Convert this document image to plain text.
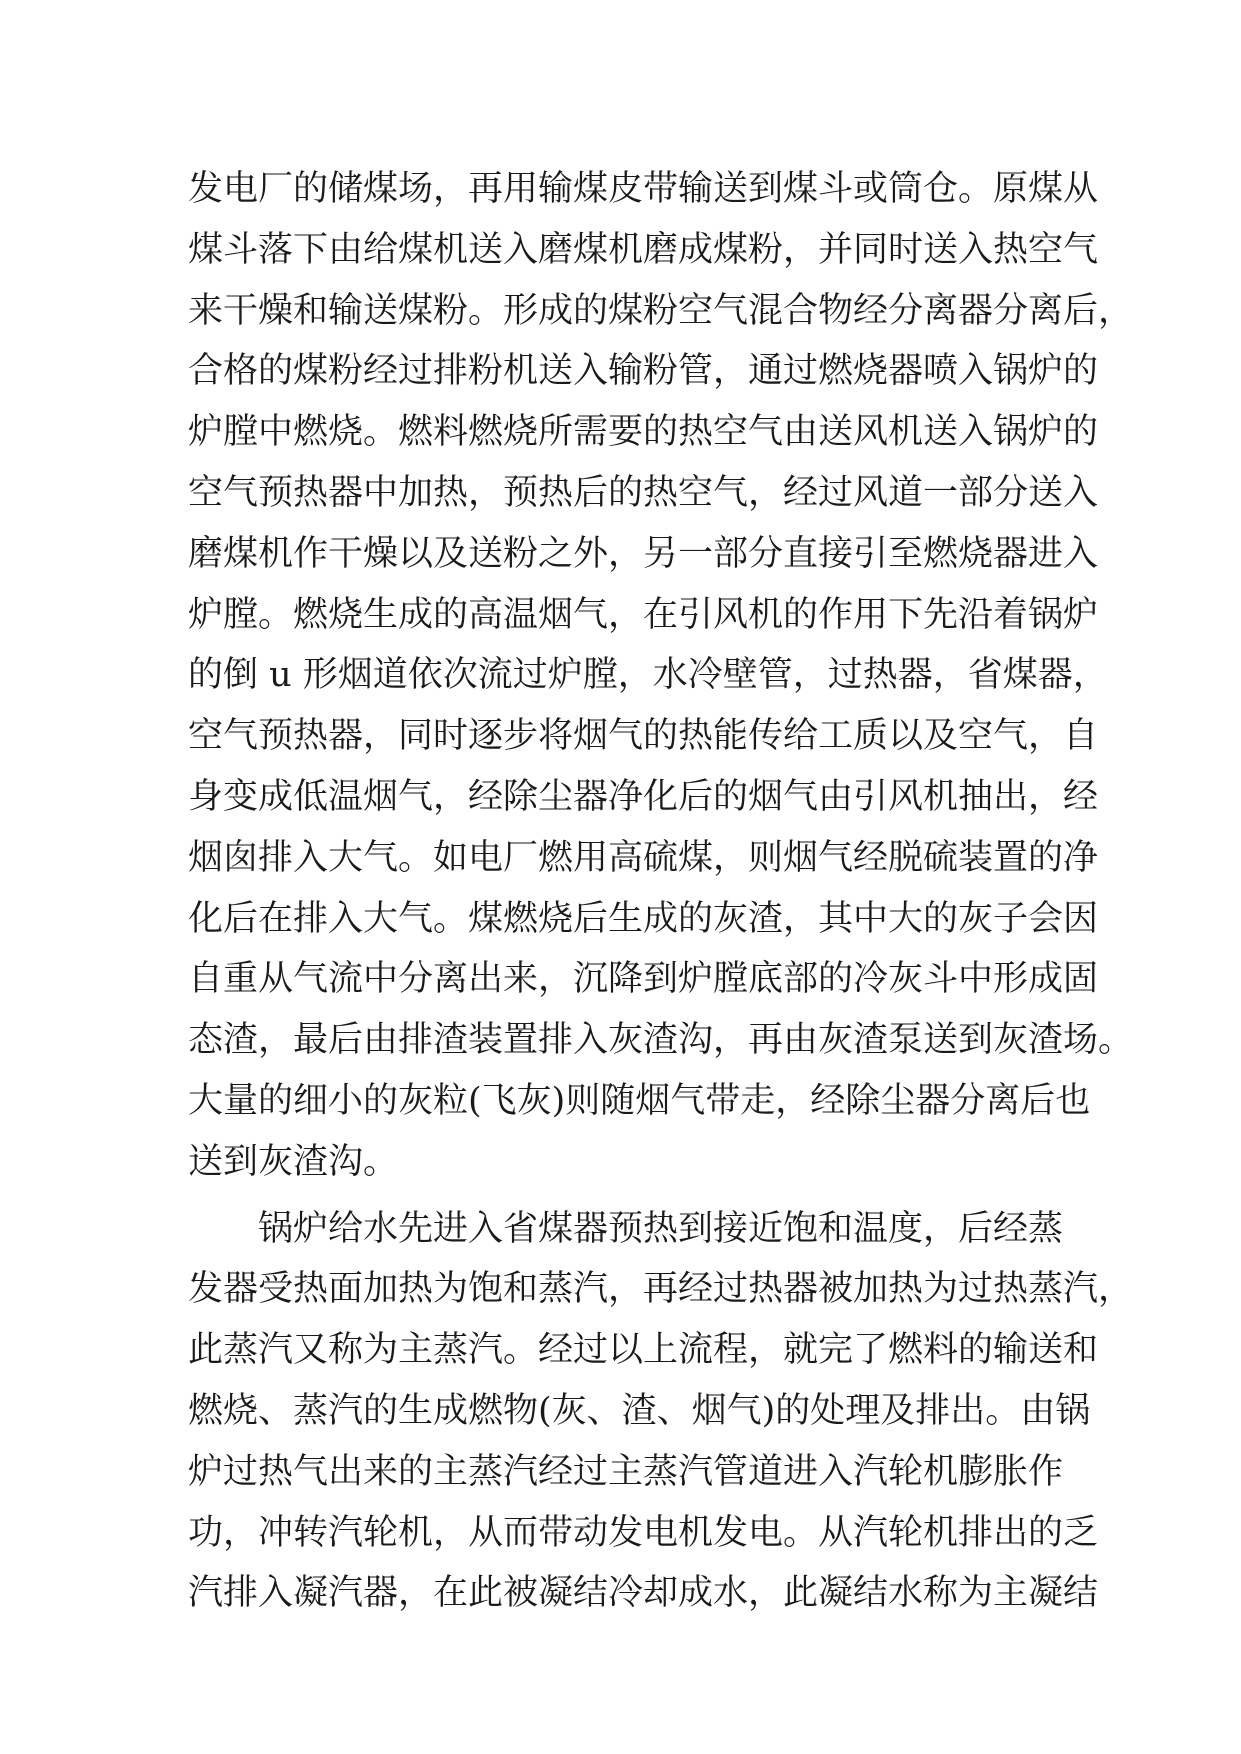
发电厂的储煤场，再用输煤皮带输送到煤斗或筒仓。原煤从
煤斗落下由给煤机送入磨煤机磨成煤粉，并同时送入热空气
来干燥和输送煤粉。形成的煤粉空气混合物经分离器分离后，
合格的煤粉经过排粉机送入输粉管，通过燃烧器喷入锅炉的
炉膛中燃烧。燃料燃烧所需要的热空气由送风机送入锅炉的
空气预热器中加热，预热后的热空气，经过风道一部分送入
磨煤机作干燥以及送粉之外，另一部分直接引至燃烧器进入
炉膛。燃烧生成的高温烟气，在引风机的作用下先沿着锅炉
的倒 u 形烟道依次流过炉膛，水冷壁管，过热器，省煤器，
空气预热器，同时逐步将烟气的热能传给工质以及空气，自
身变成低温烟气，经除尘器净化后的烟气由引风机抽出，经
烟囱排入大气。如电厂燃用高硫煤，则烟气经脱硫装置的净
化后在排入大气。煤燃烧后生成的灰渣，其中大的灰子会因
自重从气流中分离出来，沉降到炉膛底部的冷灰斗中形成固
态渣，最后由排渣装置排入灰渣沟，再由灰渣泵送到灰渣场。
大量的细小的灰粒(飞灰)则随烟气带走，经除尘器分离后也
送到灰渣沟。
锅炉给水先进入省煤器预热到接近饱和温度，后经蒸
发器受热面加热为饱和蒸汽，再经过热器被加热为过热蒸汽，
此蒸汽又称为主蒸汽。经过以上流程，就完了燃料的输送和
燃烧、蒸汽的生成燃物(灰、渣、烟气)的处理及排出。由锅
炉过热气出来的主蒸汽经过主蒸汽管道进入汽轮机膨胀作
功，冲转汽轮机，从而带动发电机发电。从汽轮机排出的乏
汽排入凝汽器，在此被凝结冷却成水，此凝结水称为主凝结
